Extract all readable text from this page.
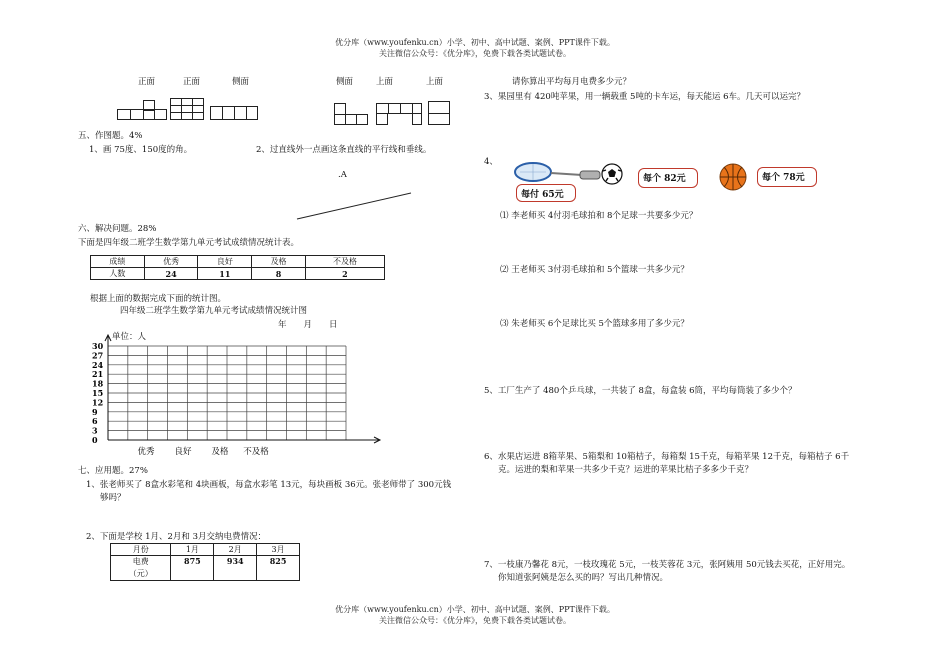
优分库（www.youfenku.cn）小学、初中、高中试题、案例、PPT课件下载。
关注微信公众号：《优分库》，免费下载各类试题试卷。
正面	正面	侧面	侧面	上面	上面
五、作图题。4%
1、画 75度、150度的角。	2、过直线外一点画这条直线的平行线和垂线。
.A
六、解决问题。28%
下面是四年级二班学生数学第九单元考试成绩情况统计表。
成绩	优秀	良好	及格	不及格
人数	24	11	8	2
根据上面的数据完成下面的统计图。
四年级二班学生数学第九单元考试成绩情况统计图
年　　月　　日
单位：人
30
27
24
21
18
15
12
9
6
3
0
优秀 良好 及格 不及格
七、应用题。27%
1、张老师买了 8盒水彩笔和 4块画板，每盒水彩笔 13元，每块画板 36元。张老师带了 300元钱
够吗？
2、下面是学校 1月、2月和 3月交纳电费情况：
月份	1月	2月	3月
电费
（元）	875	934	825
请你算出平均每月电费多少元？
3、果园里有 420吨苹果，用一辆载重 5吨的卡车运，每天能运 6车。几天可以运完？
4、
每付 65元
每个 82元	每个 78元
⑴ 李老师买 4付羽毛球拍和 8个足球一共要多少元？
⑵ 王老师买 3付羽毛球拍和 5个篮球一共多少元？
⑶ 朱老师买 6个足球比买 5个篮球多用了多少元？
5、工厂生产了 480个乒乓球，一共装了 8盒，每盒装 6筒，平均每筒装了多少个？
6、水果店运进 8箱苹果、5箱梨和 10箱桔子，每箱梨 15千克，每箱苹果 12千克，每箱桔子 6千
克。运进的梨和苹果一共多少千克？运进的苹果比桔子多多少千克？
7、一枝康乃馨花 8元，一枝玫瑰花 5元，一枝芙蓉花 3元，张阿姨用 50元钱去买花，正好用完。
你知道张阿姨是怎么买的吗？写出几种情况。
优分库（www.youfenku.cn）小学、初中、高中试题、案例、PPT课件下载。
关注微信公众号：《优分库》，免费下载各类试题试卷。
